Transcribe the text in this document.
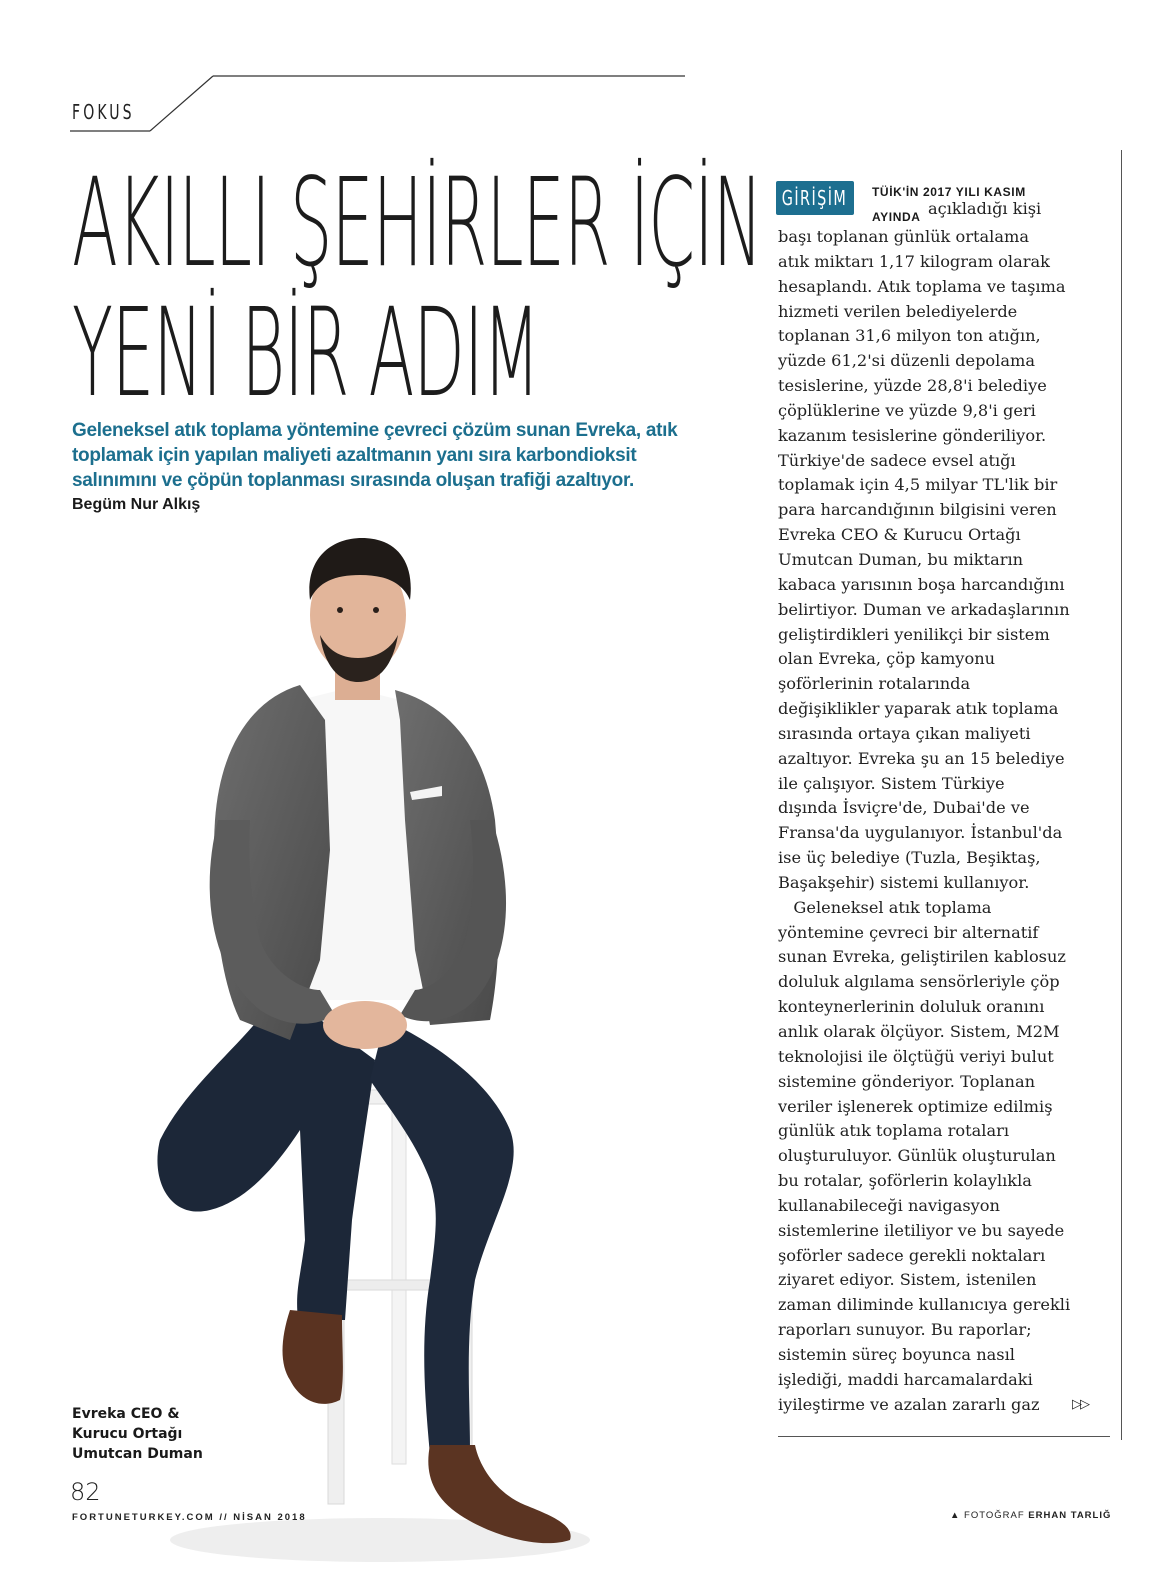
FOKUS
AKILLI ŞEHİRLER İÇİN
YENİ BİR ADIM

Geleneksel atık toplama yöntemine çevreci çözüm sunan Evreka, atık toplamak için yapılan maliyeti azaltmanın yanı sıra karbondioksit salınımını ve çöpün toplanması sırasında oluşan trafiği azaltıyor.

Begüm Nur Alkış

Evreka CEO &
Kurucu Ortağı
Umutcan Duman

82
FORTUNETURKEY.COM // NİSAN 2018	▲ FOTOĞRAF ERHAN TARLIĞ
GİRİŞİM TÜİK'İN 2017 YILI KASIM
AYINDA açıkladığı kişi
başı toplanan günlük ortalama
atık miktarı 1,17 kilogram olarak
hesaplandı. Atık toplama ve taşıma
hizmeti verilen belediyelerde
toplanan 31,6 milyon ton atığın,
yüzde 61,2'si düzenli depolama
tesislerine, yüzde 28,8'i belediye
çöplüklerine ve yüzde 9,8'i geri
kazanım tesislerine gönderiliyor.
Türkiye'de sadece evsel atığı
toplamak için 4,5 milyar TL'lik bir
para harcandığının bilgisini veren
Evreka CEO & Kurucu Ortağı
Umutcan Duman, bu miktarın
kabaca yarısının boşa harcandığını
belirtiyor. Duman ve arkadaşlarının
geliştirdikleri yenilikçi bir sistem
olan Evreka, çöp kamyonu
şoförlerinin rotalarında
değişiklikler yaparak atık toplama
sırasında ortaya çıkan maliyeti
azaltıyor. Evreka şu an 15 belediye
ile çalışıyor. Sistem Türkiye
dışında İsviçre'de, Dubai'de ve
Fransa'da uygulanıyor. İstanbul'da
ise üç belediye (Tuzla, Beşiktaş,
Başakşehir) sistemi kullanıyor.
Geleneksel atık toplama
yöntemine çevreci bir alternatif
sunan Evreka, geliştirilen kablosuz
doluluk algılama sensörleriyle çöp
konteynerlerinin doluluk oranını
anlık olarak ölçüyor. Sistem, M2M
teknolojisi ile ölçtüğü veriyi bulut
sistemine gönderiyor. Toplanan
veriler işlenerek optimize edilmiş
günlük atık toplama rotaları
oluşturuluyor. Günlük oluşturulan
bu rotalar, şoförlerin kolaylıkla
kullanabileceği navigasyon
sistemlerine iletiliyor ve bu sayede
şoförler sadece gerekli noktaları
ziyaret ediyor. Sistem, istenilen
zaman diliminde kullanıcıya gerekli
raporları sunuyor. Bu raporlar;
sistemin süreç boyunca nasıl
işlediği, maddi harcamalardaki
iyileştirme ve azalan zararlı gaz	▷▷
